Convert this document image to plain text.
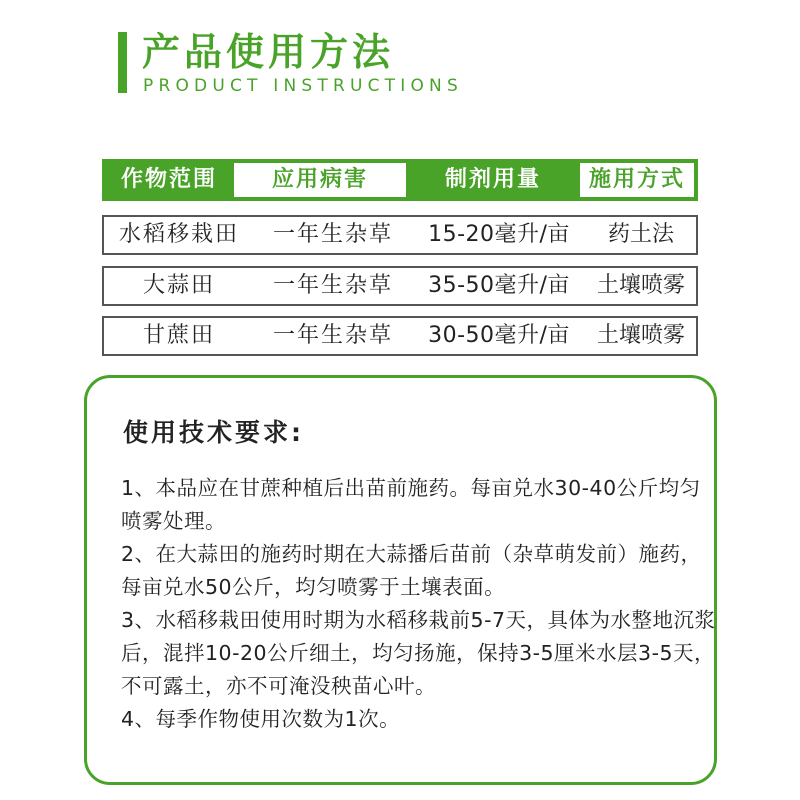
产品使用方法
PRODUCT INSTRUCTIONS
作物范围	应用病害	制剂用量	施用方式
水稻移栽田	一年生杂草	15-20毫升/亩	药土法
大蒜田	一年生杂草	35-50毫升/亩	土壤喷雾
甘蔗田	一年生杂草	30-50毫升/亩	土壤喷雾
使用技术要求:

1、本品应在甘蔗种植后出苗前施药。每亩兑水30-40公斤均匀喷雾处理。

2、在大蒜田的施药时期在大蒜播后苗前（杂草萌发前）施药，每亩兑水50公斤，均匀喷雾于土壤表面。

3、水稻移栽田使用时期为水稻移栽前5-7天，具体为水整地沉浆后，混拌10-20公斤细土，均匀扬施，保持3-5厘米水层3-5天，不可露土，亦不可淹没秧苗心叶。

4、每季作物使用次数为1次。
